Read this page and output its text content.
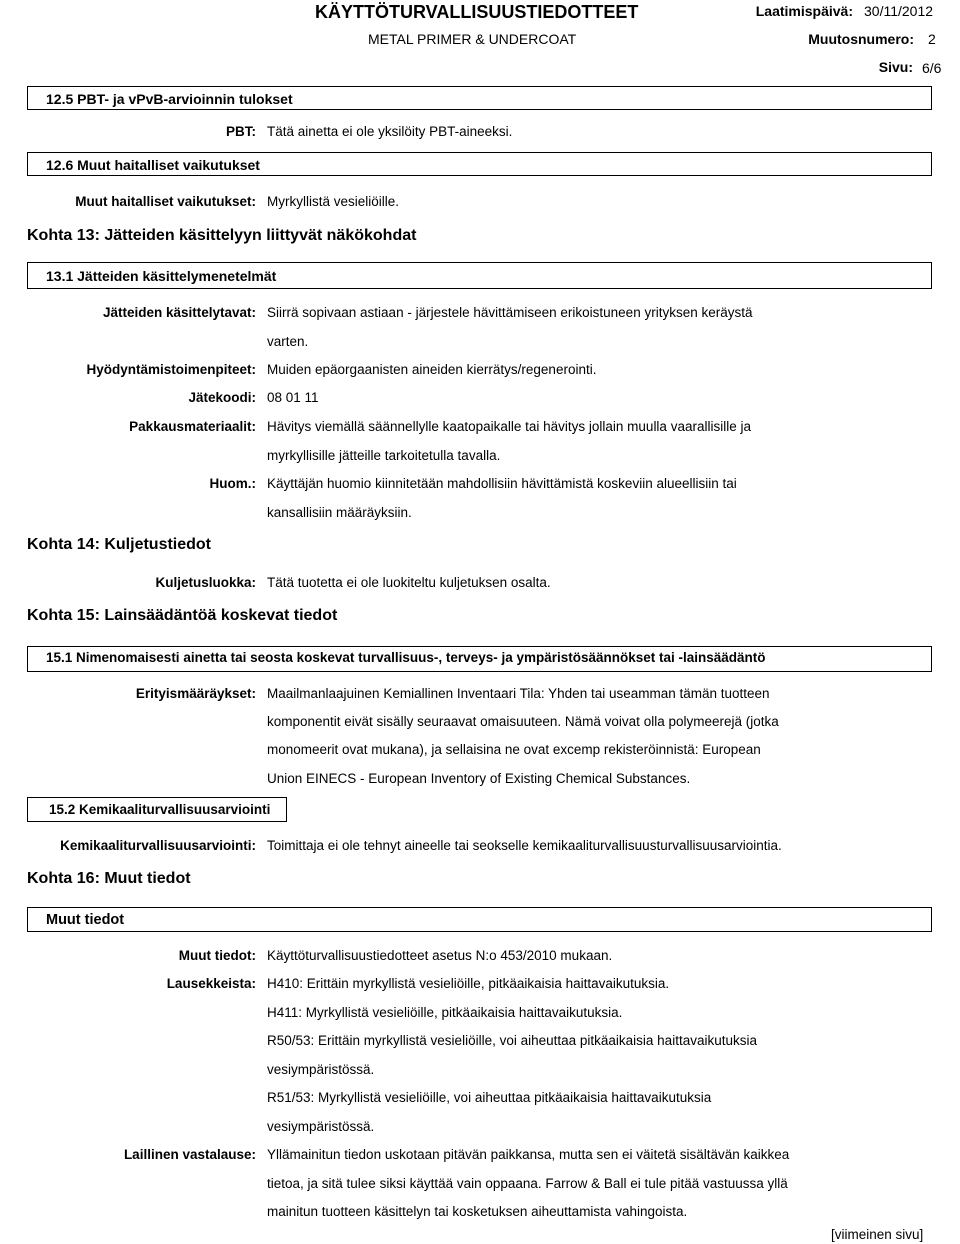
KÄYTTÖTURVALLISUUSTIEDOTTEET
METAL PRIMER & UNDERCOAT
Laatimispäivä: 30/11/2012
Muutosnumero: 2
Sivu: 6/6
12.5 PBT- ja vPvB-arvioinnin tulokset
PBT: Tätä ainetta ei ole yksilöity PBT-aineeksi.
12.6 Muut haitalliset vaikutukset
Muut haitalliset vaikutukset: Myrkyllistä vesieliöille.
Kohta 13: Jätteiden käsittelyyn liittyvät näkökohdat
13.1 Jätteiden käsittelymenetelmät
Jätteiden käsittelytavat: Siirrä sopivaan astiaan - järjestele hävittämiseen erikoistuneen yrityksen keräystä
varten.
Hyödyntämistoimenpiteet: Muiden epäorgaanisten aineiden kierrätys/regenerointi.
Jätekoodi: 08 01 11
Pakkausmateriaalit: Hävitys viemällä säännellylle kaatopaikalle tai hävitys jollain muulla vaarallisille ja
myrkyllisille jätteille tarkoitetulla tavalla.
Huom.: Käyttäjän huomio kiinnitetään mahdollisiin hävittämistä koskeviin alueellisiin tai
kansallisiin määräyksiin.
Kohta 14: Kuljetustiedot
Kuljetusluokka: Tätä tuotetta ei ole luokiteltu kuljetuksen osalta.
Kohta 15: Lainsäädäntöä koskevat tiedot
15.1 Nimenomaisesti ainetta tai seosta koskevat turvallisuus-, terveys- ja ympäristösäännökset tai -lainsäädäntö
Erityismääräykset: Maailmanlaajuinen Kemiallinen Inventaari Tila: Yhden tai useamman tämän tuotteen
komponentit eivät sisälly seuraavat omaisuuteen. Nämä voivat olla polymeerejä (jotka
monomeerit ovat mukana), ja sellaisina ne ovat excemp rekisteröinnistä: European
Union EINECS - European Inventory of Existing Chemical Substances.
15.2 Kemikaaliturvallisuusarviointi
Kemikaaliturvallisuusarviointi: Toimittaja ei ole tehnyt aineelle tai seokselle kemikaaliturvallisuusturvallisuusarviointia.
Kohta 16: Muut tiedot
Muut tiedot
Muut tiedot: Käyttöturvallisuustiedotteet asetus N:o 453/2010 mukaan.
Lausekkeista: H410: Erittäin myrkyllistä vesieliöille, pitkäaikaisia haittavaikutuksia.
H411: Myrkyllistä vesieliöille, pitkäaikaisia haittavaikutuksia.
R50/53: Erittäin myrkyllistä vesieliöille, voi aiheuttaa pitkäaikaisia haittavaikutuksia
vesiympäristössä.
R51/53: Myrkyllistä vesieliöille, voi aiheuttaa pitkäaikaisia haittavaikutuksia
vesiympäristössä.
Laillinen vastalause: Yllämainitun tiedon uskotaan pitävän paikkansa, mutta sen ei väitetä sisältävän kaikkea
tietoa, ja sitä tulee siksi käyttää vain oppaana. Farrow & Ball ei tule pitää vastuussa yllä
mainitun tuotteen käsittelyn tai kosketuksen aiheuttamista vahingoista.
[viimeinen sivu]
